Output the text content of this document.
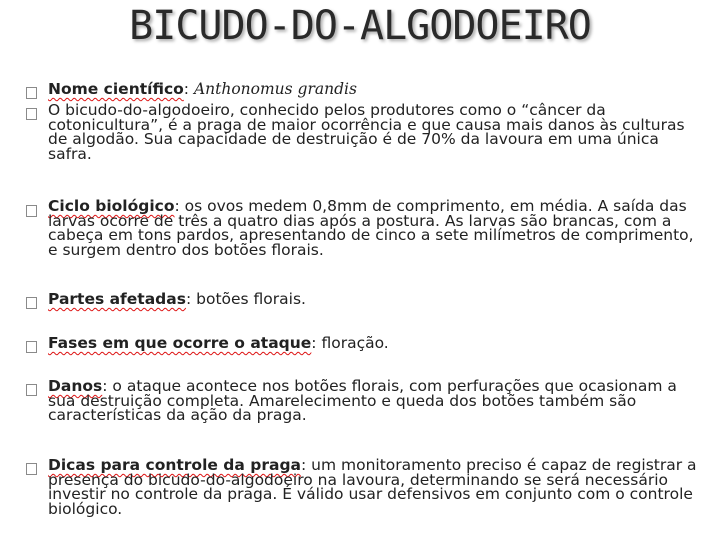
BICUDO-DO-ALGODOEIRO
Nome científico: Anthonomus grandis
O bicudo-do-algodoeiro, conhecido pelos produtores como o “câncer da cotonicultura”, é a praga de maior ocorrência e que causa mais danos às culturas de algodão. Sua capacidade de destruição é de 70% da lavoura em uma única safra.
Ciclo biológico: os ovos medem 0,8mm de comprimento, em média. A saída das larvas ocorre de três a quatro dias após a postura. As larvas são brancas, com a cabeça em tons pardos, apresentando de cinco a sete milímetros de comprimento, e surgem dentro dos botões florais.
Partes afetadas: botões florais.
Fases em que ocorre o ataque: floração.
Danos: o ataque acontece nos botões florais, com perfurações que ocasionam a sua destruição completa. Amarelecimento e queda dos botões também são características da ação da praga.
Dicas para controle da praga: um monitoramento preciso é capaz de registrar a presença do bicudo-do-algodoeiro na lavoura, determinando se será necessário investir no controle da praga. É válido usar defensivos em conjunto com o controle biológico.
